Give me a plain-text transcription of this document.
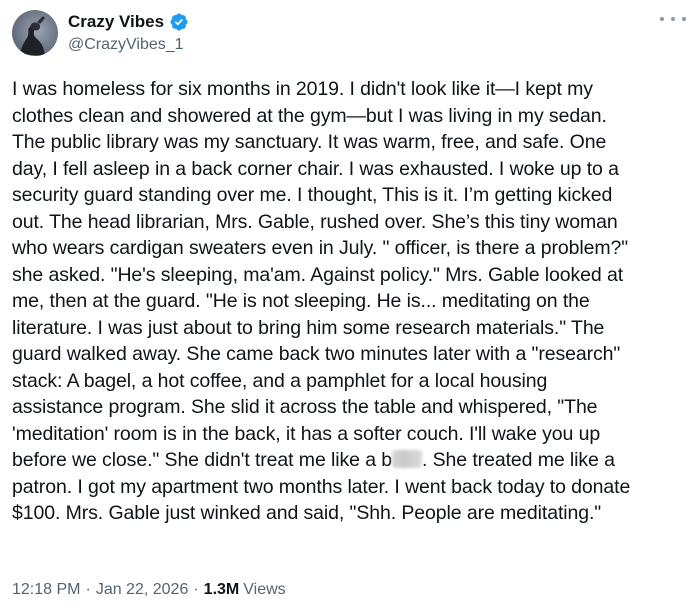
Crazy Vibes
@CrazyVibes_1
I was homeless for six months in 2019. I didn't look like it—I kept my
clothes clean and showered at the gym—but I was living in my sedan.
The public library was my sanctuary. It was warm, free, and safe. One
day, I fell asleep in a back corner chair. I was exhausted. I woke up to a
security guard standing over me. I thought, This is it. I’m getting kicked
out. The head librarian, Mrs. Gable, rushed over. She’s this tiny woman
who wears cardigan sweaters even in July. " officer, is there a problem?"
she asked. "He's sleeping, ma'am. Against policy." Mrs. Gable looked at
me, then at the guard. "He is not sleeping. He is... meditating on the
literature. I was just about to bring him some research materials." The
guard walked away. She came back two minutes later with a "research"
stack: A bagel, a hot coffee, and a pamphlet for a local housing
assistance program. She slid it across the table and whispered, "The
'meditation' room is in the back, it has a softer couch. I'll wake you up
before we close." She didn't treat me like a b . She treated me like a
patron. I got my apartment two months later. I went back today to donate
$100. Mrs. Gable just winked and said, "Shh. People are meditating."
12:18 PM · Jan 22, 2026 · 1.3M Views
